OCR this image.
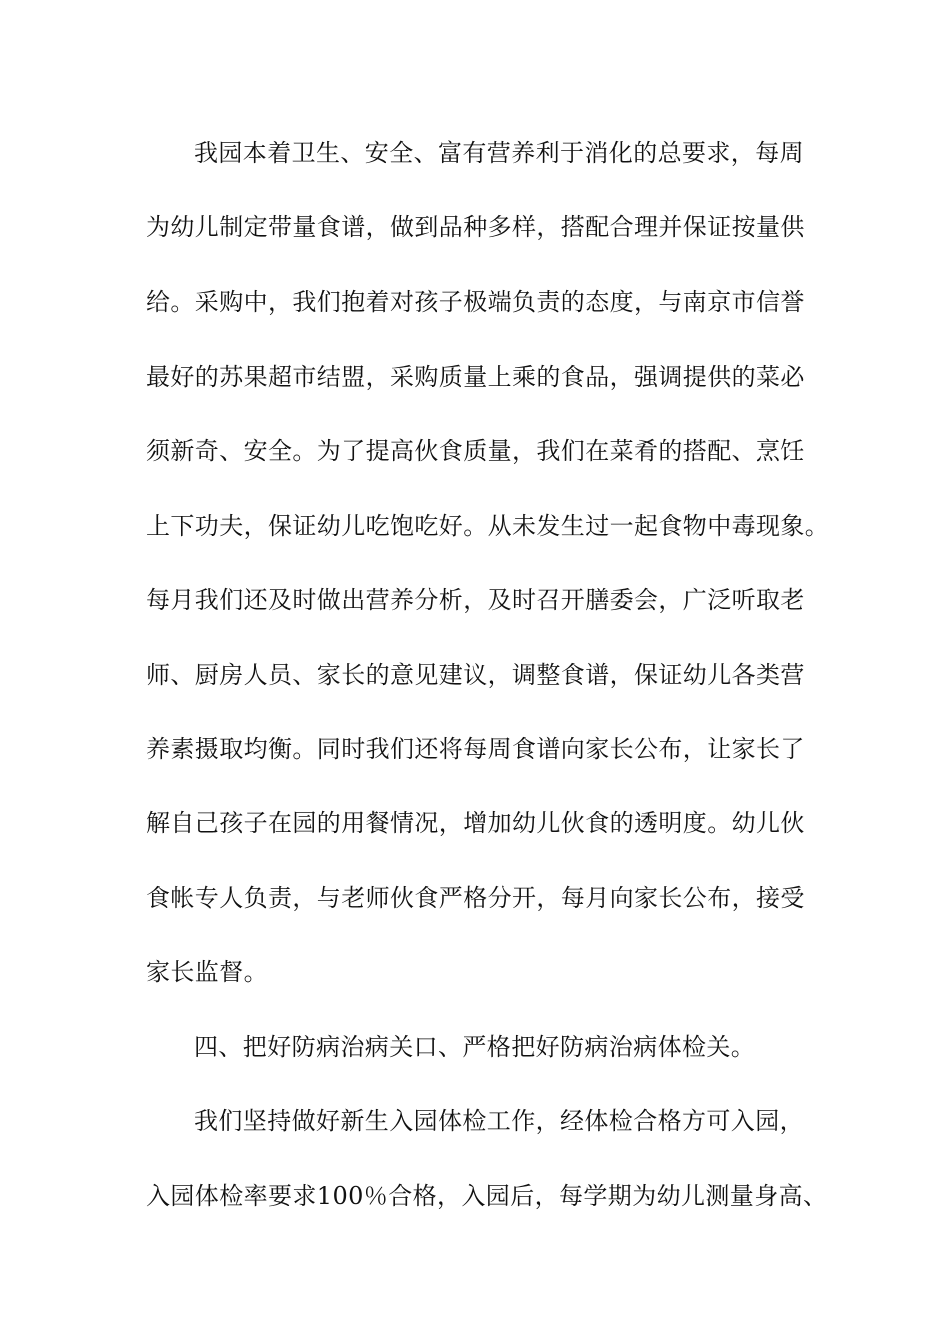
我园本着卫生、安全、富有营养利于消化的总要求，每周
为幼儿制定带量食谱，做到品种多样，搭配合理并保证按量供
给。采购中，我们抱着对孩子极端负责的态度，与南京市信誉
最好的苏果超市结盟，采购质量上乘的食品，强调提供的菜必
须新奇、安全。为了提高伙食质量，我们在菜肴的搭配、烹饪
上下功夫，保证幼儿吃饱吃好。从未发生过一起食物中毒现象。
每月我们还及时做出营养分析，及时召开膳委会，广泛听取老
师、厨房人员、家长的意见建议，调整食谱，保证幼儿各类营
养素摄取均衡。同时我们还将每周食谱向家长公布，让家长了
解自己孩子在园的用餐情况，增加幼儿伙食的透明度。幼儿伙
食帐专人负责，与老师伙食严格分开，每月向家长公布，接受
家长监督。
四、把好防病治病关口、严格把好防病治病体检关。
我们坚持做好新生入园体检工作，经体检合格方可入园，
入园体检率要求100％合格，入园后，每学期为幼儿测量身高、
